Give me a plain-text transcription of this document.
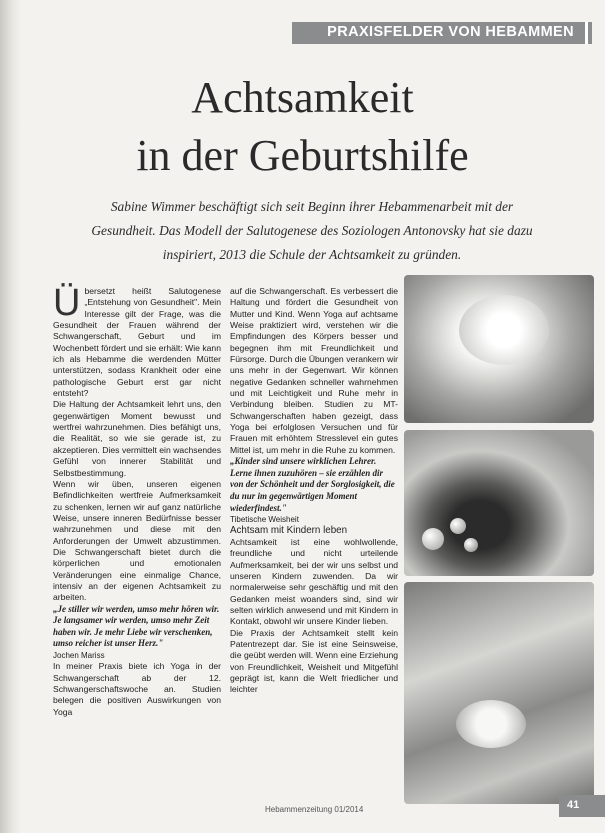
PRAXISFELDER VON HEBAMMEN
Achtsamkeit
in der Geburtshilfe
Sabine Wimmer beschäftigt sich seit Beginn ihrer Hebammenarbeit mit der Gesundheit. Das Modell der Salutogenese des Soziologen Antonovsky hat sie dazu inspiriert, 2013 die Schule der Achtsamkeit zu gründen.

Übersetzt heißt Salutogenese „Entstehung von Gesundheit". Mein Interesse gilt der Frage, was die Gesundheit der Frauen während der Schwangerschaft, Geburt und im Wochenbett fördert und sie erhält: Wie kann ich als Hebamme die werdenden Mütter unterstützen, sodass Krankheit oder eine pathologische Geburt erst gar nicht entsteht?

Die Haltung der Achtsamkeit lehrt uns, den gegenwärtigen Moment bewusst und wertfrei wahrzunehmen. Dies befähigt uns, die Realität, so wie sie gerade ist, zu akzeptieren. Dies vermittelt ein wachsendes Gefühl von innerer Stabilität und Selbstbestimmung.

Wenn wir üben, unseren eigenen Befindlichkeiten wertfreie Aufmerksamkeit zu schenken, lernen wir auf ganz natürliche Weise, unsere inneren Bedürfnisse besser wahrzunehmen und diese mit den Anforderungen der Umwelt abzustimmen. Die Schwangerschaft bietet durch die körperlichen und emotionalen Veränderungen eine einmalige Chance, intensiv an der eigenen Achtsamkeit zu arbeiten.

„Je stiller wir werden, umso mehr hören wir. Je langsamer wir werden, umso mehr Zeit haben wir. Je mehr Liebe wir verschenken, umso reicher ist unser Herz."

Jochen Mariss

In meiner Praxis biete ich Yoga in der Schwangerschaft ab der 12. Schwangerschaftswoche an. Studien belegen die positiven Auswirkungen von Yoga

auf die Schwangerschaft. Es verbessert die Haltung und fördert die Gesundheit von Mutter und Kind. Wenn Yoga auf achtsame Weise praktiziert wird, verstehen wir die Empfindungen des Körpers besser und begegnen ihm mit Freundlichkeit und Fürsorge. Durch die Übungen verankern wir uns mehr in der Gegenwart. Wir können negative Gedanken schneller wahrnehmen und mit Leichtigkeit und Ruhe mehr in Verbindung bleiben. Studien zu MT-Schwangerschaften haben gezeigt, dass Yoga bei erfolglosen Versuchen und für Frauen mit erhöhtem Stresslevel ein gutes Mittel ist, um mehr in die Ruhe zu kommen.

„Kinder sind unsere wirklichen Lehrer. Lerne ihnen zuzuhören – sie erzählen dir von der Schönheit und der Sorglosigkeit, die du nur im gegenwärtigen Moment wiederfindest."

Tibetische Weisheit

Achtsam mit Kindern leben

Achtsamkeit ist eine wohlwollende, freundliche und nicht urteilende Aufmerksamkeit, bei der wir uns selbst und unseren Kindern zuwenden. Da wir normalerweise sehr geschäftig und mit den Gedanken meist woanders sind, sind wir selten wirklich anwesend und mit Kindern in Kontakt, obwohl wir unsere Kinder lieben.

Die Praxis der Achtsamkeit stellt kein Patentrezept dar. Sie ist eine Seinsweise, die geübt werden will. Wenn eine Erziehung von Freundlichkeit, Weisheit und Mitgefühl geprägt ist, kann die Welt friedlicher und leichter

Hebammenzeitung 01/2014	41
